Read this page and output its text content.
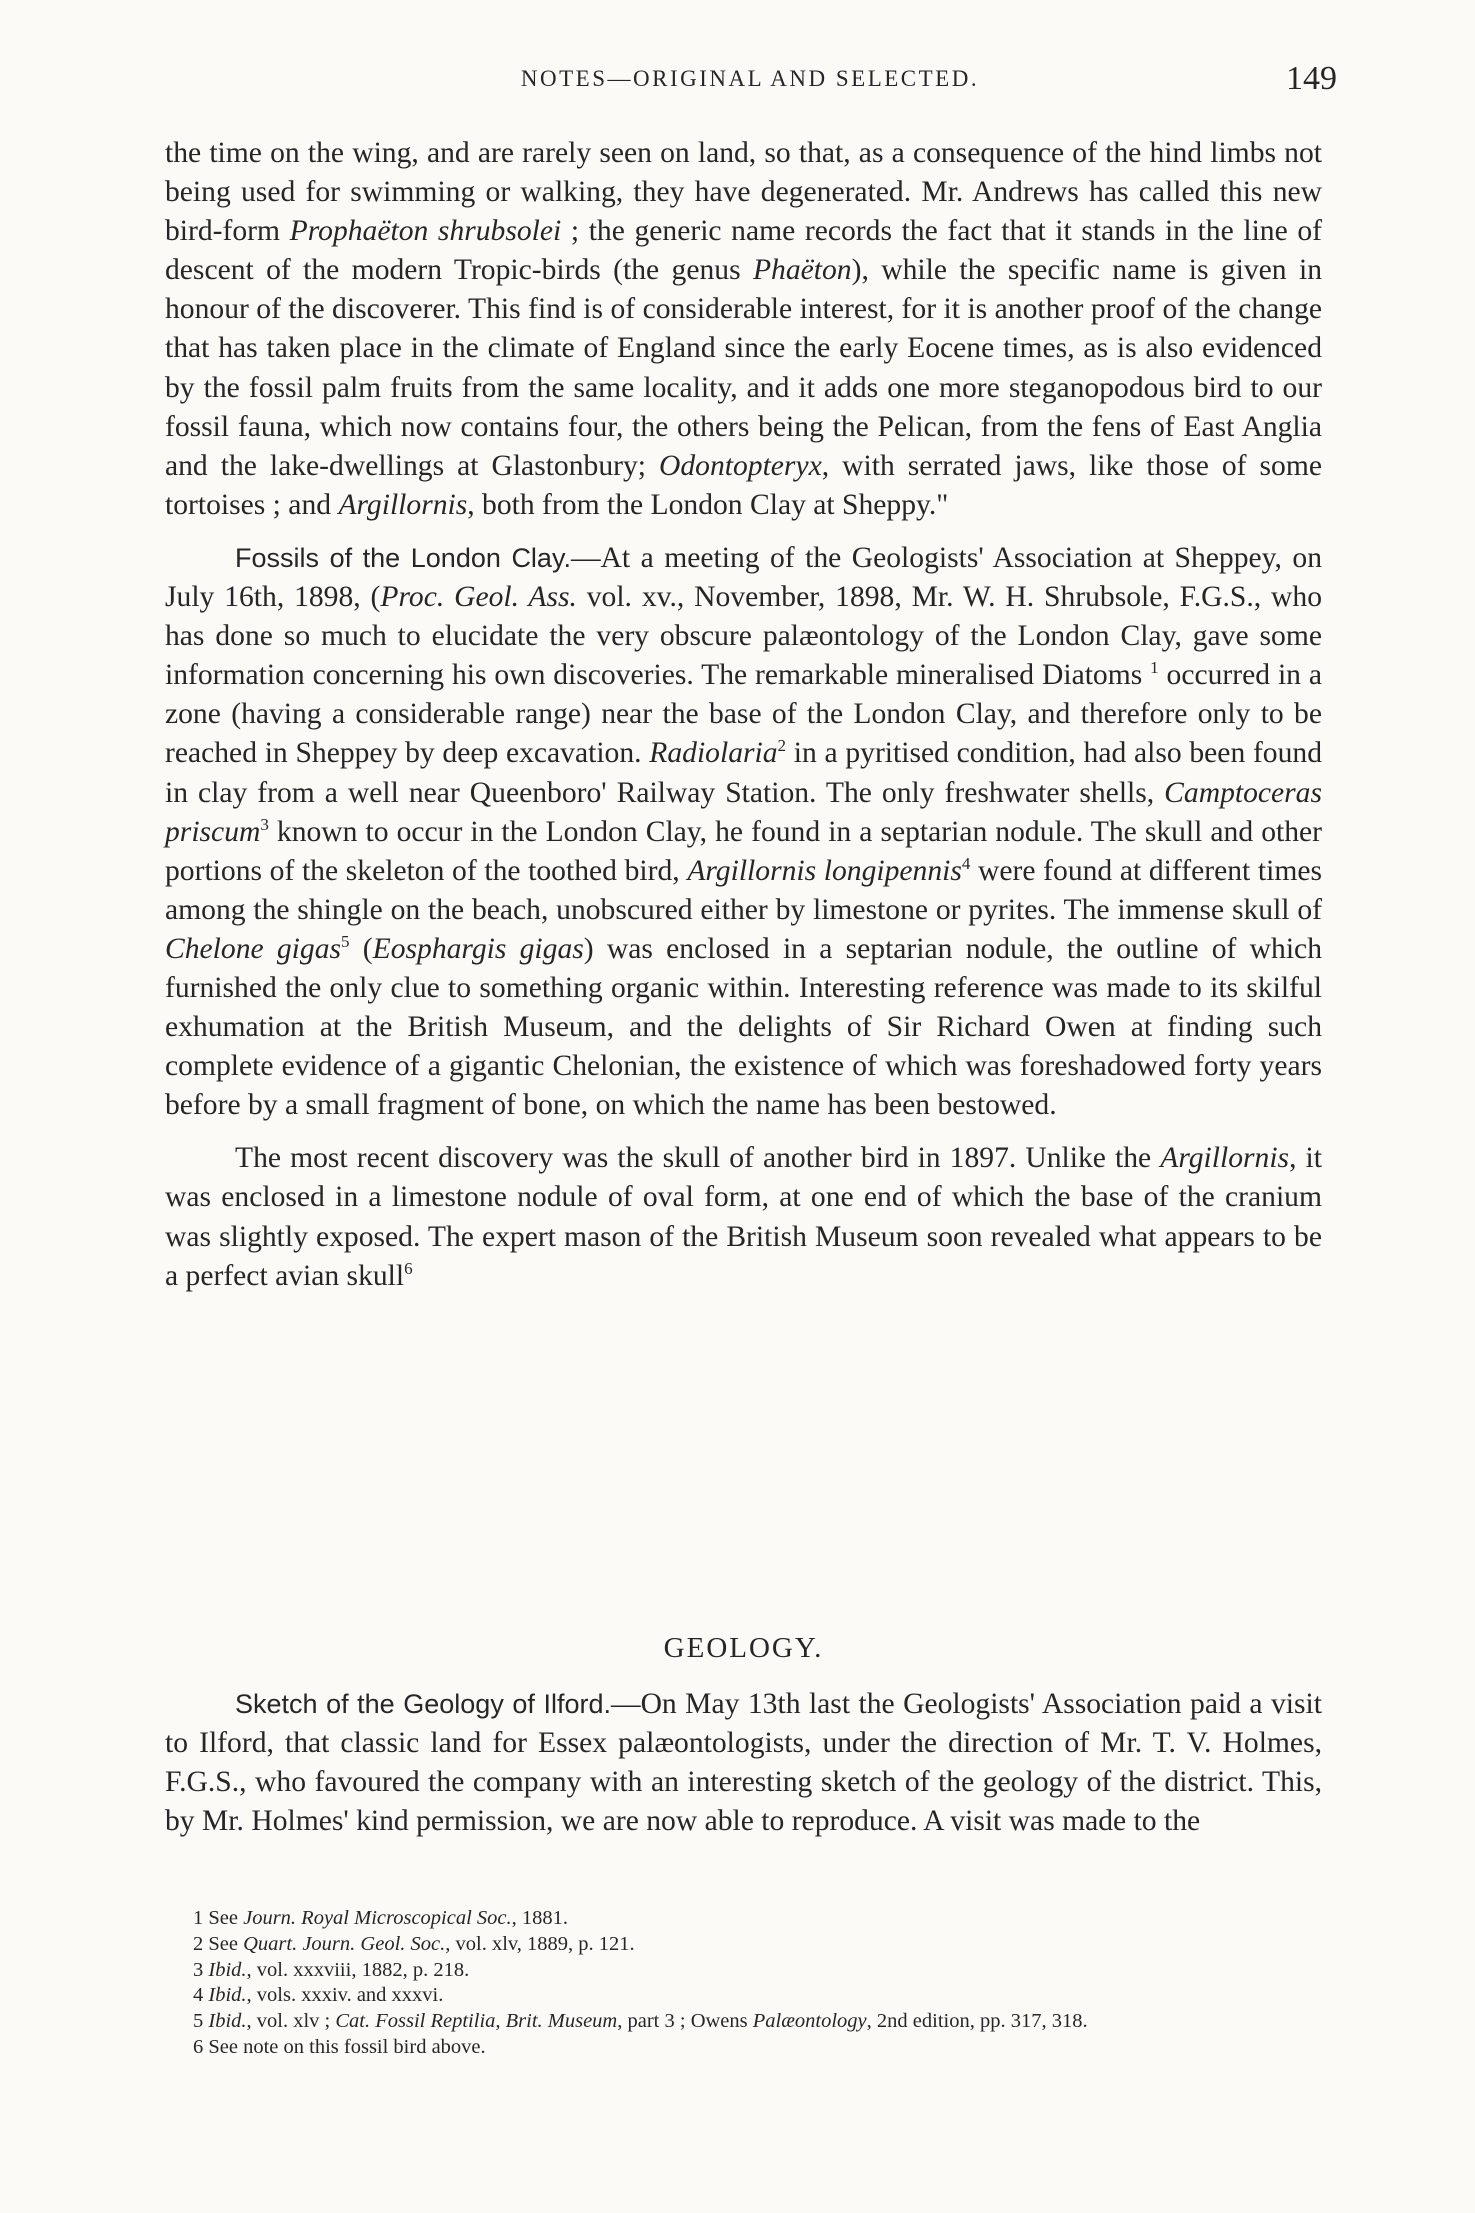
NOTES—ORIGINAL AND SELECTED.	149

the time on the wing, and are rarely seen on land, so that, as a consequence of the hind limbs not being used for swimming or walking, they have degenerated. Mr. Andrews has called this new bird-form Prophaëton shrubsolei ; the generic name records the fact that it stands in the line of descent of the modern Tropic-birds (the genus Phaëton), while the specific name is given in honour of the discoverer. This find is of considerable interest, for it is another proof of the change that has taken place in the climate of England since the early Eocene times, as is also evidenced by the fossil palm fruits from the same locality, and it adds one more steganopodous bird to our fossil fauna, which now contains four, the others being the Pelican, from the fens of East Anglia and the lake-dwellings at Glastonbury; Odontopteryx, with serrated jaws, like those of some tortoises ; and Argillornis, both from the London Clay at Sheppy."

Fossils of the London Clay.—At a meeting of the Geologists' Association at Sheppey, on July 16th, 1898, (Proc. Geol. Ass. vol. xv., November, 1898, Mr. W. H. Shrubsole, F.G.S., who has done so much to elucidate the very obscure palæontology of the London Clay, gave some information concerning his own discoveries. The remarkable mineralised Diatoms $^1$ occurred in a zone (having a considerable range) near the base of the London Clay, and therefore only to be reached in Sheppey by deep excavation. Radiolaria$^2$ in a pyritised condition, had also been found in clay from a well near Queenboro' Railway Station. The only freshwater shells, Camptoceras priscum$^3$ known to occur in the London Clay, he found in a septarian nodule. The skull and other portions of the skeleton of the toothed bird, Argillornis longipennis$^4$ were found at different times among the shingle on the beach, unobscured either by limestone or pyrites. The immense skull of Chelone gigas$^5$ (Eosphargis gigas) was enclosed in a septarian nodule, the outline of which furnished the only clue to something organic within. Interesting reference was made to its skilful exhumation at the British Museum, and the delights of Sir Richard Owen at finding such complete evidence of a gigantic Chelonian, the existence of which was foreshadowed forty years before by a small fragment of bone, on which the name has been bestowed.

The most recent discovery was the skull of another bird in 1897. Unlike the Argillornis, it was enclosed in a limestone nodule of oval form, at one end of which the base of the cranium was slightly exposed. The expert mason of the British Museum soon revealed what appears to be a perfect avian skull$^6$

GEOLOGY.

Sketch of the Geology of Ilford.—On May 13th last the Geologists' Association paid a visit to Ilford, that classic land for Essex palæontologists, under the direction of Mr. T. V. Holmes, F.G.S., who favoured the company with an interesting sketch of the geology of the district. This, by Mr. Holmes' kind permission, we are now able to reproduce. A visit was made to the

1 See Journ. Royal Microscopical Soc., 1881.
2 See Quart. Journ. Geol. Soc., vol. xlv, 1889, p. 121.
3 Ibid., vol. xxxviii, 1882, p. 218.
4 Ibid., vols. xxxiv. and xxxvi.
5 Ibid., vol. xlv ; Cat. Fossil Reptilia, Brit. Museum, part 3 ; Owens Palæontology, 2nd edition, pp. 317, 318.
6 See note on this fossil bird above.
